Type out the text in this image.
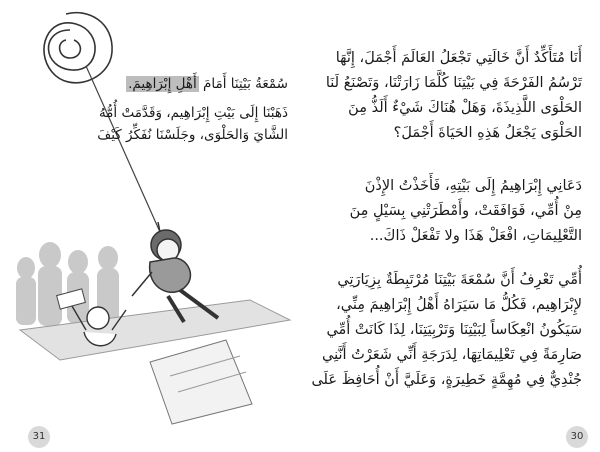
سُمْعَةُ بَيْتِنَا أَمَامَ أَهْلِ إِبْرَاهِيمَ.
ذَهَبْنَا إِلَى بَيْتِ إِبْرَاهِيم، وَقَدَّمَتْ أُمُّهُ
الشَّايَ وَالحَلْوَى، وجَلَسْنَا نُفَكِّرُ كَيْفَ
31
أَنَا مُتَأَكِّدٌ أَنَّ خَالَتِي تَجْعَلُ العَالَمَ أَجْمَلَ، إِنَّهَا
تَرْسُمُ الفَرْحَةَ فِي بَيْتِنَا كُلَّمَا زَارَتْنَا، وَتَصْنَعُ لَنَا
الحَلْوَى اللَّذِيذَةَ، وَهَلْ هُنَاكَ شَيْءٌ أَلَذُّ مِنَ
الحَلْوَى يَجْعَلُ هَذِهِ الحَيَاةَ أَجْمَلَ؟
دَعَانِي إِبْرَاهِيمُ إِلَى بَيْتِهِ، فَأَخَذْتُ الإِذْنَ
مِنْ أُمِّي، فَوَافَقَتْ، وأَمْطَرَتْنِي بِسَيْلٍ مِنَ
التَّعْلِيمَاتِ، افْعَلْ هَذَا ولا تَفْعَلْ ذَاكَ...
أُمِّي تَعْرِفُ أَنَّ سُمْعَةَ بَيْتِنَا مُرْتَبِطَةٌ بِزِيَارَتِي
لإِبْرَاهِيم، فَكُلُّ مَا سَيَرَاهُ أَهْلُ إِبْرَاهِيمَ مِنِّي،
سَيَكُونُ انْعِكَاساً لِبَيْتِنَا وَتَرْبِيَتِنَا، لِذَا كَانَتْ أُمِّي
صَارِمَةً فِي تَعْلِيمَاتِهَا، لِدَرَجَةِ أَنِّي شَعَرْتُ أَنَّنِي
جُنْدِيٌّ فِي مُهِمَّةٍ خَطِيرَةٍ، وَعَلَيَّ أَنْ أُحَافِظَ عَلَى
30
